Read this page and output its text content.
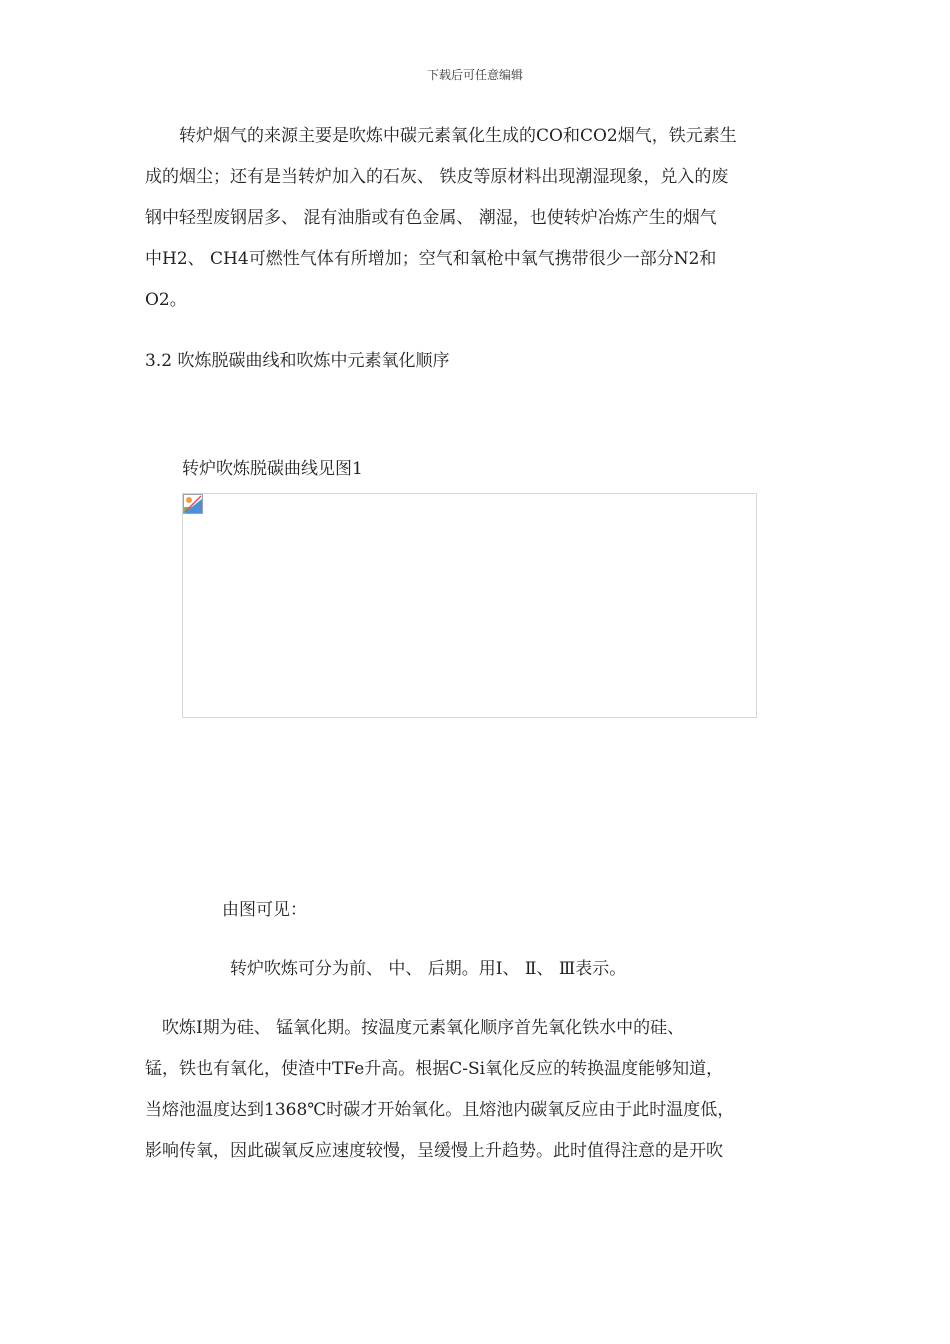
下载后可任意编辑
　　转炉烟气的来源主要是吹炼中碳元素氧化生成的CO和CO2烟气，铁元素生
成的烟尘；还有是当转炉加入的石灰、 铁皮等原材料出现潮湿现象，兑入的废
钢中轻型废钢居多、 混有油脂或有色金属、 潮湿，也使转炉冶炼产生的烟气
中H2、 CH4可燃性气体有所增加；空气和氧枪中氧气携带很少一部分N2和
O2。
3.2 吹炼脱碳曲线和吹炼中元素氧化顺序
转炉吹炼脱碳曲线见图1
由图可见：
转炉吹炼可分为前、 中、 后期。用Ⅰ、 Ⅱ、 Ⅲ表示。
　吹炼Ⅰ期为硅、 锰氧化期。按温度元素氧化顺序首先氧化铁水中的硅、
锰，铁也有氧化，使渣中TFe升高。根据C-Si氧化反应的转换温度能够知道，
当熔池温度达到1368℃时碳才开始氧化。且熔池内碳氧反应由于此时温度低，
影响传氧，因此碳氧反应速度较慢，呈缓慢上升趋势。此时值得注意的是开吹
